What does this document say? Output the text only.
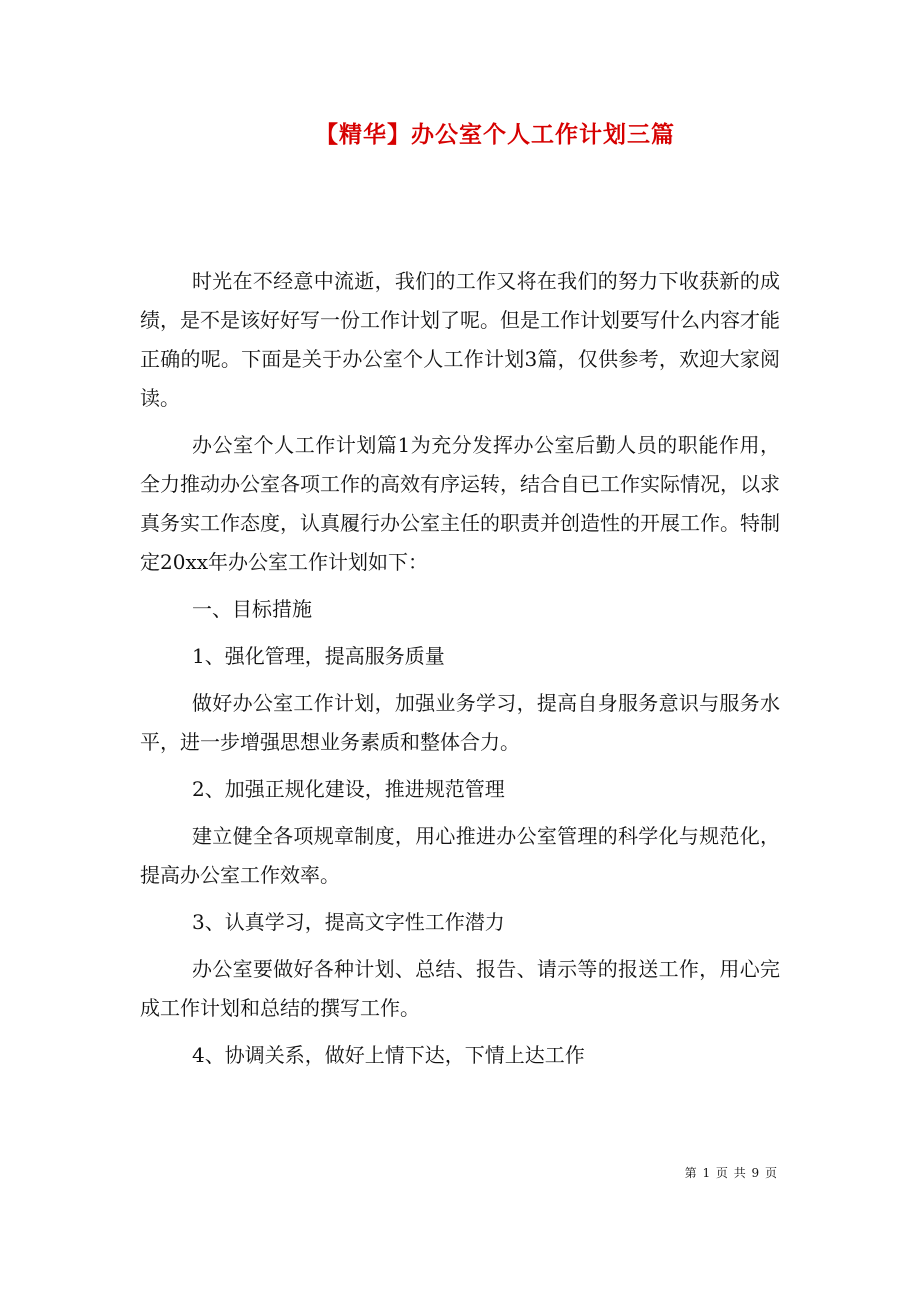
【精华】办公室个人工作计划三篇

时光在不经意中流逝，我们的工作又将在我们的努力下收获新的成绩，是不是该好好写一份工作计划了呢。但是工作计划要写什么内容才能正确的呢。下面是关于办公室个人工作计划3篇，仅供参考，欢迎大家阅读。

办公室个人工作计划篇1为充分发挥办公室后勤人员的职能作用，全力推动办公室各项工作的高效有序运转，结合自已工作实际情况，以求真务实工作态度，认真履行办公室主任的职责并创造性的开展工作。特制定20xx年办公室工作计划如下：

一、目标措施

1、强化管理，提高服务质量

做好办公室工作计划，加强业务学习，提高自身服务意识与服务水平，进一步增强思想业务素质和整体合力。

2、加强正规化建设，推进规范管理

建立健全各项规章制度，用心推进办公室管理的科学化与规范化，提高办公室工作效率。

3、认真学习，提高文字性工作潜力

办公室要做好各种计划、总结、报告、请示等的报送工作，用心完成工作计划和总结的撰写工作。

4、协调关系，做好上情下达，下情上达工作

第 1 页 共 9 页
